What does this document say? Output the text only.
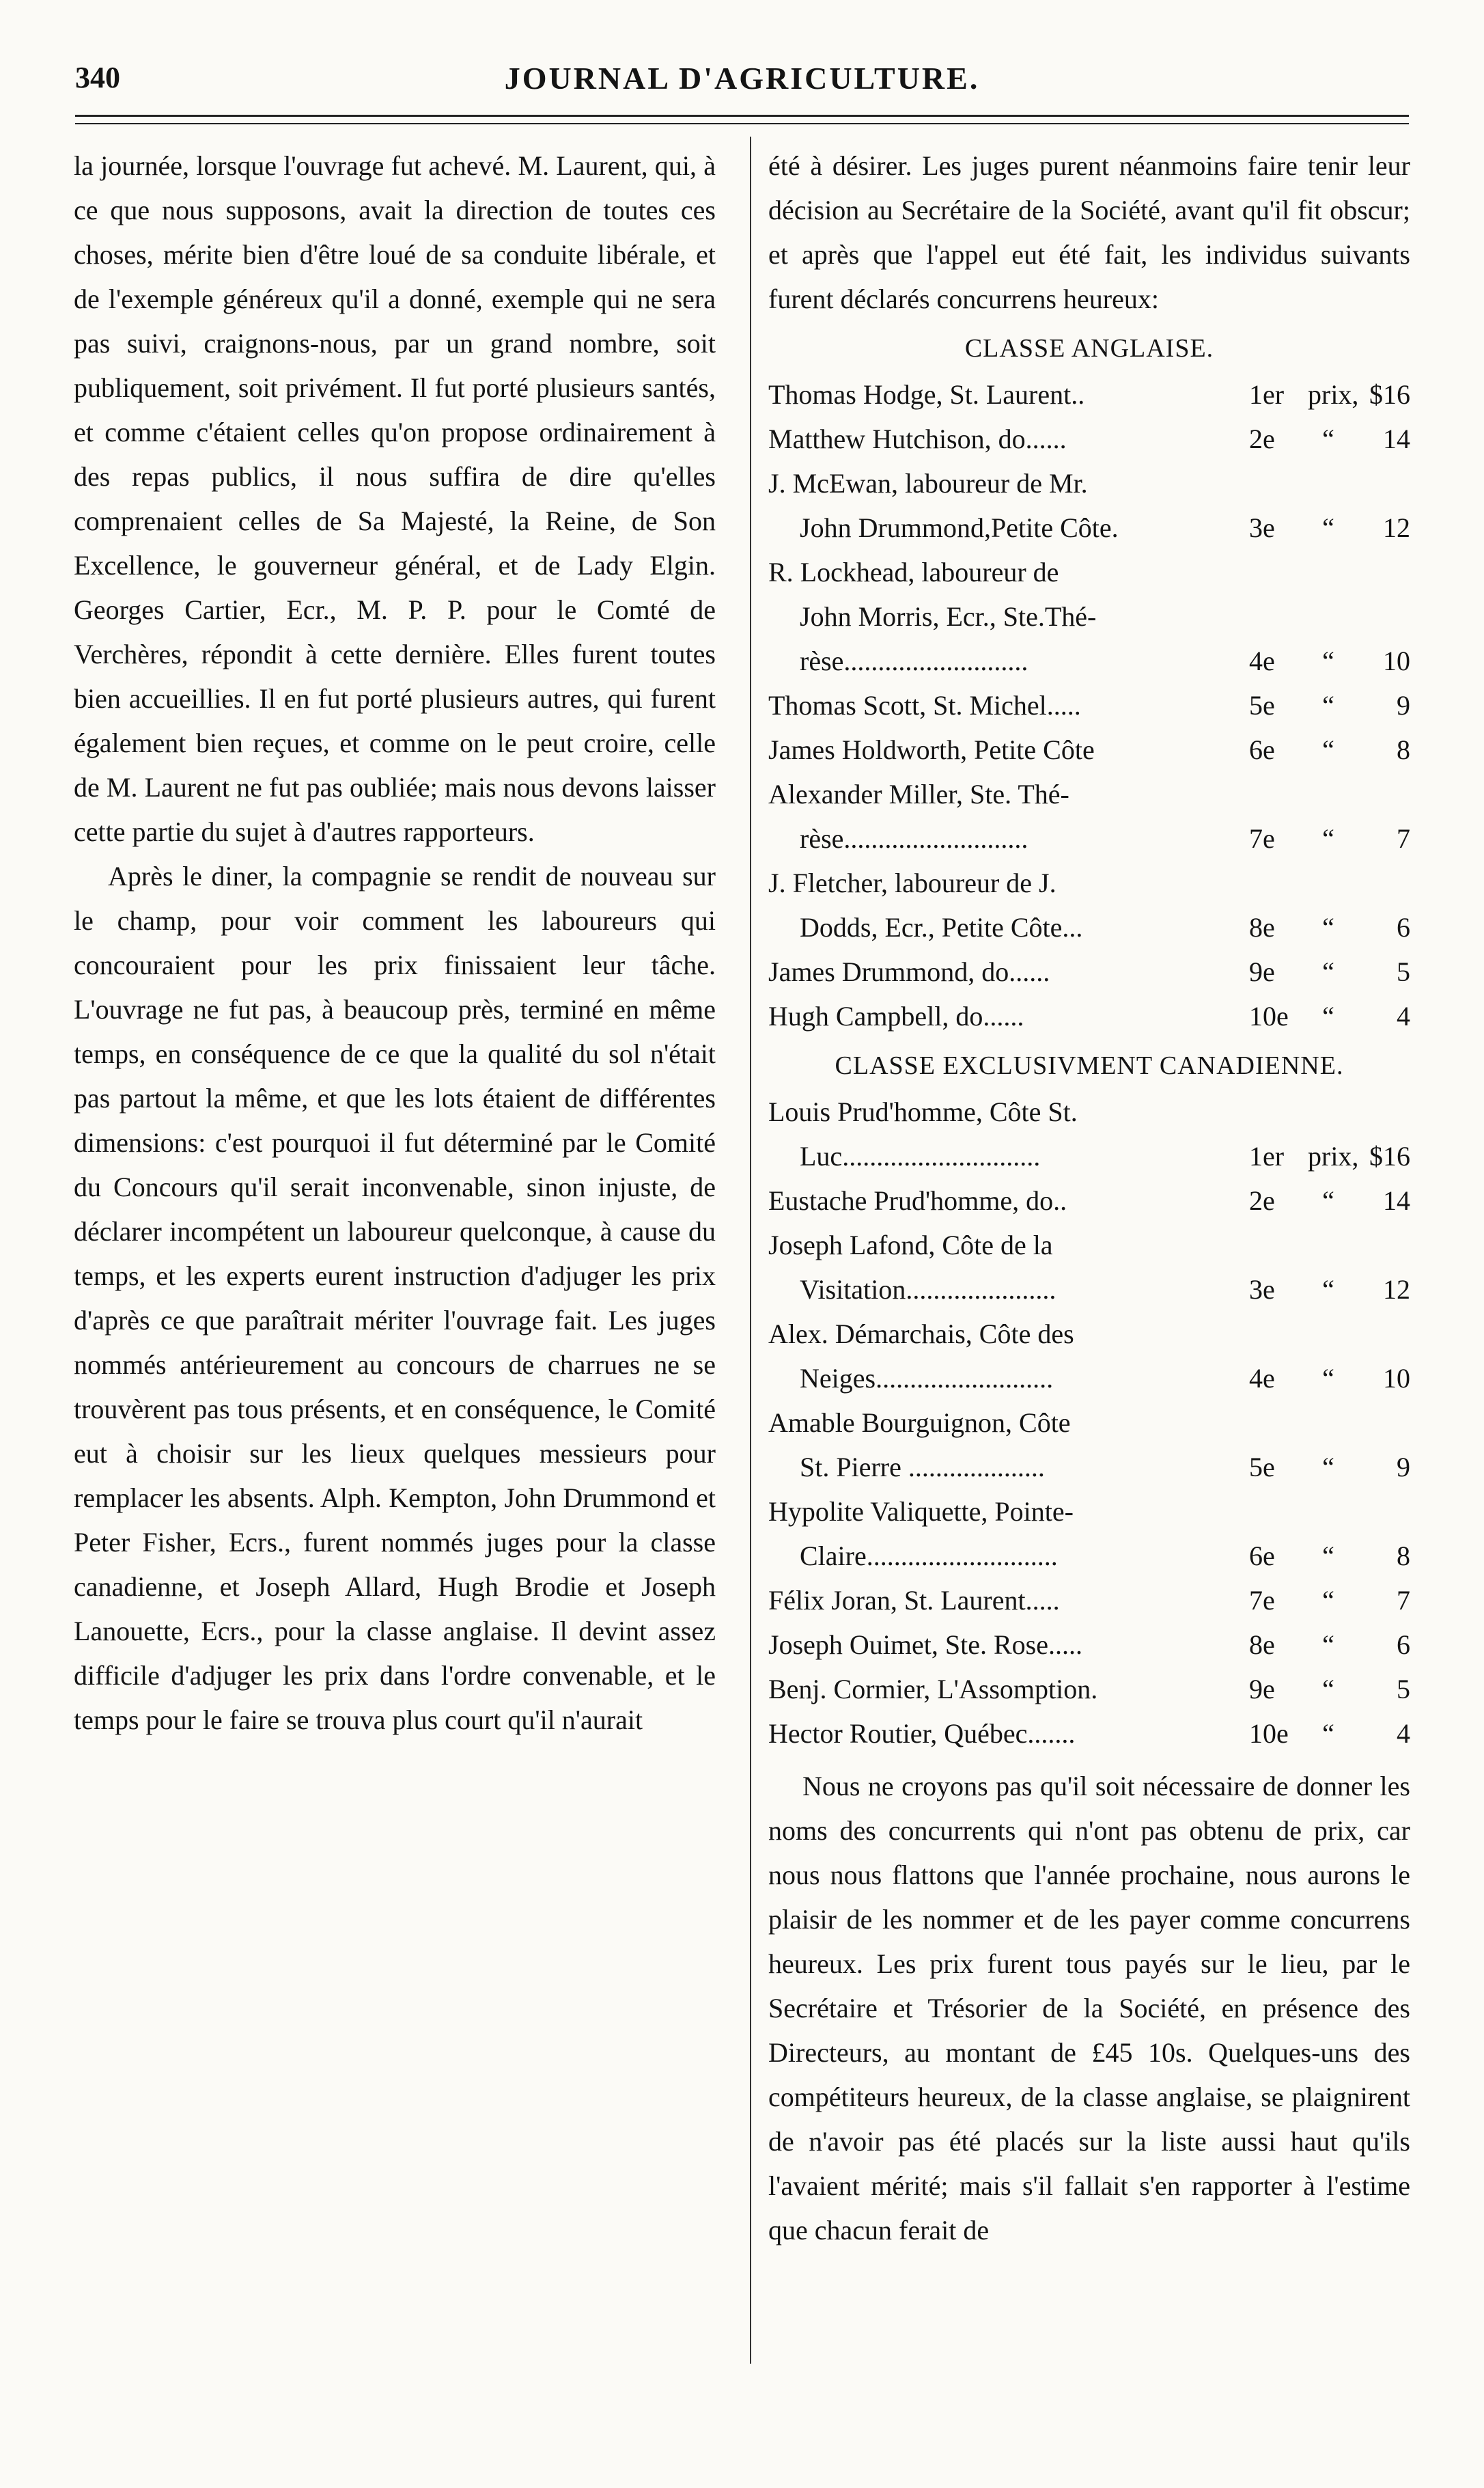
340	JOURNAL D'AGRICULTURE.

la journée, lorsque l'ouvrage fut achevé. M. Laurent, qui, à ce que nous supposons, avait la direction de toutes ces choses, mérite bien d'être loué de sa conduite libérale, et de l'exemple généreux qu'il a donné, exemple qui ne sera pas suivi, craignons-nous, par un grand nombre, soit publiquement, soit privément. Il fut porté plusieurs santés, et comme c'étaient celles qu'on propose ordinairement à des repas publics, il nous suffira de dire qu'elles comprenaient celles de Sa Majesté, la Reine, de Son Excellence, le gouverneur général, et de Lady Elgin. Georges Cartier, Ecr., M. P. P. pour le Comté de Verchères, répondit à cette dernière. Elles furent toutes bien accueillies. Il en fut porté plusieurs autres, qui furent également bien reçues, et comme on le peut croire, celle de M. Laurent ne fut pas oubliée; mais nous devons laisser cette partie du sujet à d'autres rapporteurs.

Après le diner, la compagnie se rendit de nouveau sur le champ, pour voir comment les laboureurs qui concouraient pour les prix finissaient leur tâche. L'ouvrage ne fut pas, à beaucoup près, terminé en même temps, en conséquence de ce que la qualité du sol n'était pas partout la même, et que les lots étaient de différentes dimensions: c'est pourquoi il fut déterminé par le Comité du Concours qu'il serait inconvenable, sinon injuste, de déclarer incompétent un laboureur quelconque, à cause du temps, et les experts eurent instruction d'adjuger les prix d'après ce que paraîtrait mériter l'ouvrage fait. Les juges nommés antérieurement au concours de charrues ne se trouvèrent pas tous présents, et en conséquence, le Comité eut à choisir sur les lieux quelques messieurs pour remplacer les absents. Alph. Kempton, John Drummond et Peter Fisher, Ecrs., furent nommés juges pour la classe canadienne, et Joseph Allard, Hugh Brodie et Joseph Lanouette, Ecrs., pour la classe anglaise. Il devint assez difficile d'adjuger les prix dans l'ordre convenable, et le temps pour le faire se trouva plus court qu'il n'aurait

été à désirer. Les juges purent néanmoins faire tenir leur décision au Secrétaire de la Société, avant qu'il fit obscur; et après que l'appel eut été fait, les individus suivants furent déclarés concurrens heureux:

CLASSE ANGLAISE.
Thomas Hodge, St. Laurent..	1er prix, $16
Matthew Hutchison, do......	2e	“	14
J. McEwan, laboureur de Mr.
John Drummond,Petite Côte.	3e	“	12
R. Lockhead, laboureur de
John Morris, Ecr., Ste.Thé-
rèse...........................	4e	“	10
Thomas Scott, St. Michel.....	5e	“	9
James Holdworth, Petite Côte	6e	“	8
Alexander Miller, Ste. Thé-
rèse...........................	7e	“	7
J. Fletcher, laboureur de J.
Dodds, Ecr., Petite Côte...	8e	“	6
James Drummond, do......	9e	“	5
Hugh Campbell, do......	10e	“	4
CLASSE EXCLUSIVMENT CANADIENNE.
Louis Prud'homme, Côte St.
Luc.............................	1er prix, $16
Eustache Prud'homme, do..	2e	“	14
Joseph Lafond, Côte de la
Visitation......................	3e	“	12
Alex. Démarchais, Côte des
Neiges..........................	4e	“	10
Amable Bourguignon, Côte
St. Pierre ....................	5e	“	9
Hypolite Valiquette, Pointe-
Claire............................	6e	“	8
Félix Joran, St. Laurent.....	7e	“	7
Joseph Ouimet, Ste. Rose.....	8e	“	6
Benj. Cormier, L'Assomption.	9e	“	5
Hector Routier, Québec.......	10e	“	4

Nous ne croyons pas qu'il soit nécessaire de donner les noms des concurrents qui n'ont pas obtenu de prix, car nous nous flattons que l'année prochaine, nous aurons le plaisir de les nommer et de les payer comme concurrens heureux. Les prix furent tous payés sur le lieu, par le Secrétaire et Trésorier de la Société, en présence des Directeurs, au montant de £45 10s. Quelques-uns des compétiteurs heureux, de la classe anglaise, se plaignirent de n'avoir pas été placés sur la liste aussi haut qu'ils l'avaient mérité; mais s'il fallait s'en rapporter à l'estime que chacun ferait de
